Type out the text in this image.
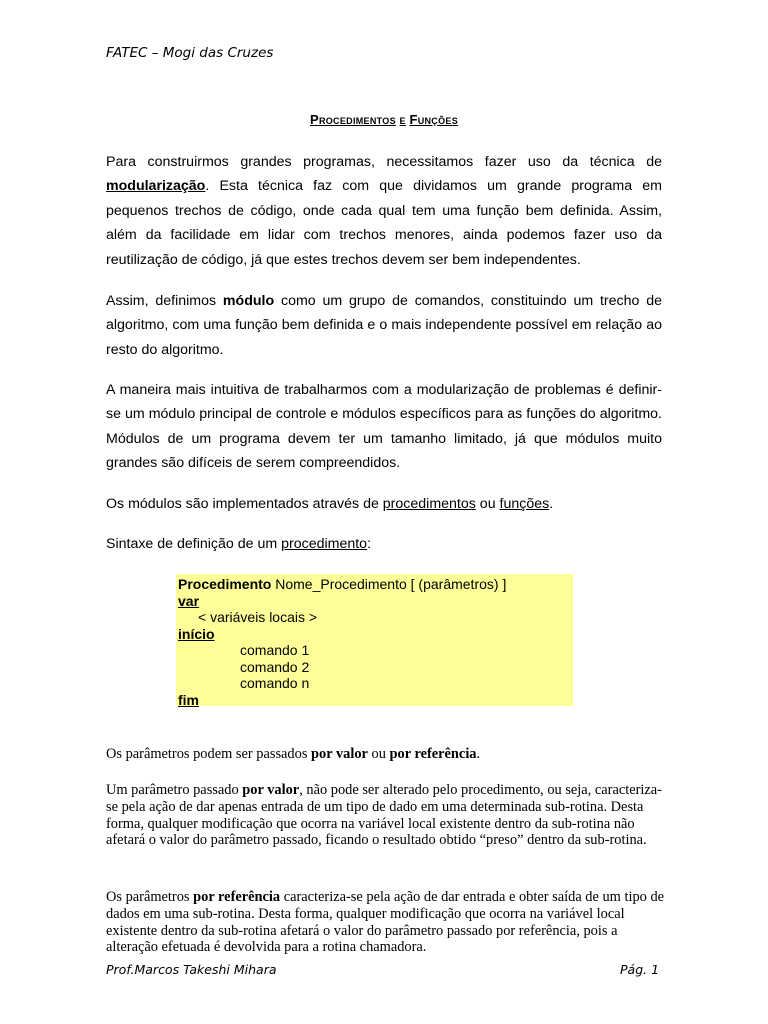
FATEC – Mogi das Cruzes
Procedimentos e Funções

Para construirmos grandes programas, necessitamos fazer uso da técnica de modularização. Esta técnica faz com que dividamos um grande programa em pequenos trechos de código, onde cada qual tem uma função bem definida. Assim, além da facilidade em lidar com trechos menores, ainda podemos fazer uso da reutilização de código, já que estes trechos devem ser bem independentes.

Assim, definimos módulo como um grupo de comandos, constituindo um trecho de algoritmo, com uma função bem definida e o mais independente possível em relação ao resto do algoritmo.

A maneira mais intuitiva de trabalharmos com a modularização de problemas é definir-se um módulo principal de controle e módulos específicos para as funções do algoritmo. Módulos de um programa devem ter um tamanho limitado, já que módulos muito grandes são difíceis de serem compreendidos.

Os módulos são implementados através de procedimentos ou funções.

Sintaxe de definição de um procedimento:

Procedimento Nome_Procedimento [ (parâmetros) ]
var
< variáveis locais >
início
comando 1
comando 2
comando n
fim

Os parâmetros podem ser passados por valor ou por referência.

Um parâmetro passado por valor, não pode ser alterado pelo procedimento, ou seja, caracteriza-se pela ação de dar apenas entrada de um tipo de dado em uma determinada sub-rotina. Desta forma, qualquer modificação que ocorra na variável local existente dentro da sub-rotina não afetará o valor do parâmetro passado, ficando o resultado obtido “preso” dentro da sub-rotina.

Os parâmetros por referência caracteriza-se pela ação de dar entrada e obter saída de um tipo de dados em uma sub-rotina. Desta forma, qualquer modificação que ocorra na variável local existente dentro da sub-rotina afetará o valor do parâmetro passado por referência, pois a alteração efetuada é devolvida para a rotina chamadora.

Prof.Marcos Takeshi Mihara	Pág. 1
